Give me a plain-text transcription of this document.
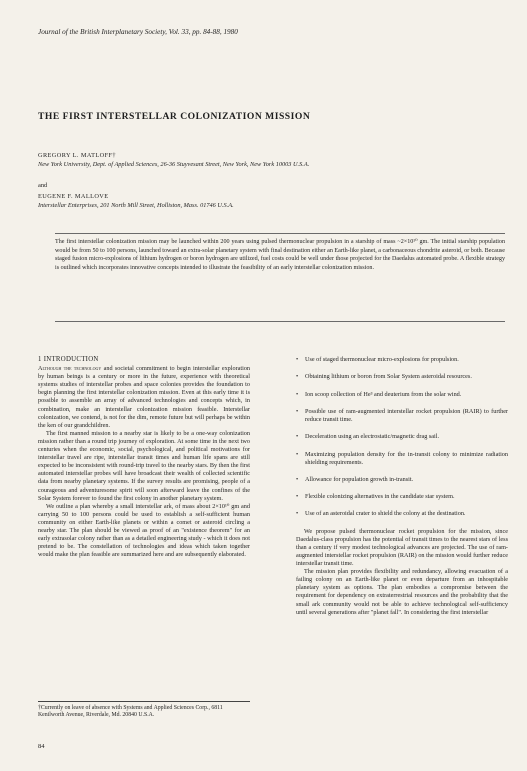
Journal of the British Interplanetary Society, Vol. 33, pp. 84-88, 1980
THE FIRST INTERSTELLAR COLONIZATION MISSION
GREGORY L. MATLOFF†
New York University, Dept. of Applied Sciences, 26-36 Stuyvesant Street, New York, New York 10003 U.S.A.
and
EUGENE F. MALLOVE
Interstellar Enterprises, 201 North Mill Street, Holliston, Mass. 01746 U.S.A.

The first interstellar colonization mission may be launched within 200 years using pulsed thermonuclear propulsion in a starship of mass ~2×10¹⁰ gm. The initial starship population would be from 50 to 100 persons, launched toward an extra-solar planetary system with final destination either an Earth-like planet, a carbonaceous chondrite asteroid, or both. Because staged fusion micro-explosions of lithium hydrogen or boron hydrogen are utilized, fuel costs could be well under those projected for the Daedalus automated probe. A flexible strategy is outlined which incorporates innovative concepts intended to illustrate the feasibility of an early interstellar colonization mission.

1 INTRODUCTION

Although the technology and societal commitment to begin interstellar exploration by human beings is a century or more in the future, experience with theoretical systems studies of interstellar probes and space colonies provides the foundation to begin planning the first interstellar colonization mission. Even at this early time it is possible to assemble an array of advanced technologies and concepts which, in combination, make an interstellar colonization mission feasible. Interstellar colonization, we contend, is not for the dim, remote future but will perhaps be within the ken of our grandchildren.

The first manned mission to a nearby star is likely to be a one-way colonization mission rather than a round trip journey of exploration. At some time in the next two centuries when the economic, social, psychological, and political motivations for interstellar travel are ripe, interstellar transit times and human life spans are still expected to be inconsistent with round-trip travel to the nearby stars. By then the first automated interstellar probes will have broadcast their wealth of collected scientific data from nearby planetary systems. If the survey results are promising, people of a courageous and adventuresome spirit will soon afterward leave the confines of the Solar System forever to found the first colony in another planetary system.

We outline a plan whereby a small interstellar ark, of mass about 2×10¹⁰ gm and carrying 50 to 100 persons could be used to establish a self-sufficient human community on either Earth-like planets or within a comet or asteroid circling a nearby star. The plan should be viewed as proof of an "existence theorem" for an early extrasolar colony rather than as a detailed engineering study - which it does not pretend to be. The constellation of technologies and ideas which taken together would make the plan feasible are summarized here and are subsequently elaborated.

• Use of staged thermonuclear micro-explosions for propulsion.
• Obtaining lithium or boron from Solar System asteroidal resources.
• Ion scoop collection of He³ and deuterium from the solar wind.
• Possible use of ram-augmented interstellar rocket propulsion (RAIR) to further reduce transit time.
• Deceleration using an electrostatic/magnetic drag sail.
• Maximizing population density for the in-transit colony to minimize radiation shielding requirements.
• Allowance for population growth in-transit.
• Flexible colonizing alternatives in the candidate star system.
• Use of an asteroidal crater to shield the colony at the destination.

We propose pulsed thermonuclear rocket propulsion for the mission, since Daedalus-class propulsion has the potential of transit times to the nearest stars of less than a century if very modest technological advances are projected. The use of ram-augmented interstellar rocket propulsion (RAIR) on the mission would further reduce interstellar transit time.

The mission plan provides flexibility and redundancy, allowing evacuation of a failing colony on an Earth-like planet or even departure from an inhospitable planetary system as options. The plan embodies a compromise between the requirement for dependency on extraterrestrial resources and the probability that the small ark community would not be able to achieve technological self-sufficiency until several generations after "planet fall". In considering the first interstellar

†Currently on leave of absence with Systems and Applied Sciences Corp., 6811 Kenilworth Avenue, Riverdale, Md. 20840 U.S.A.

84
